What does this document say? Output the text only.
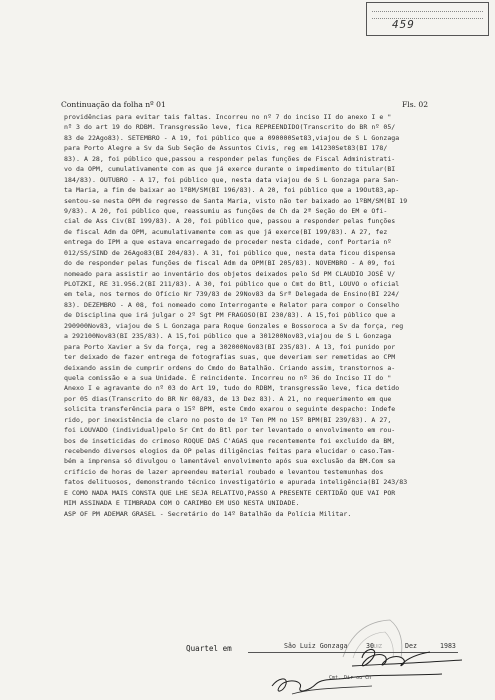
459
Continuação da folha nº 01	Fls. 02
providências para evitar tais faltas. Incorreu no nº 7 do inciso II do anexo I e "
nº 3 do art 19 do RDBM. Transgressão leve, fica REPREENDIDO(Transcrito do BR nº 05/
83 de 22Ago83). SETEMBRO - A 19, foi público que a 090000Set83,viajou de S L Gonzaga
para Porto Alegre a Sv da Sub Seção de Assuntos Civis, reg em 141230Set83(BI 178/
83). A 28, foi público que,passou a responder pelas funções de Fiscal Administrati-
vo da OPM, cumulativamente com as que já exerce durante o impedimento do titular(BI
184/83). OUTUBRO - A 17, foi público que, nesta data viajou de S L Gonzaga para San-
ta Maria, a fim de baixar ao 1ºBM/SM(BI 196/83). A 20, foi público que a 19Out83,ap-
sentou-se nesta OPM de regresso de Santa Maria, visto não ter baixado ao 1ºBM/SM(BI 19
9/83). A 20, foi público que, reassumiu as funções de Ch da 2ª Seção do EM e Ofi-
cial de Ass Civ(BI 199/83). A 20, foi público que, passou a responder pelas funções
de fiscal Adm da OPM, acumulativamente com as que já exerce(BI 199/83). A 27, fez
entrega do IPM a que estava encarregado de proceder nesta cidade, conf Portaria nº
012/SS/SIND de 26Ago83(BI 204/83). A 31, foi público que, nesta data ficou dispensa
do de responder pelas funções de fiscal Adm da OPM(BI 205/83). NOVEMBRO - A 09, foi
nomeado para assistir ao inventário dos objetos deixados pelo Sd PM CLAUDIO JOSÉ V/
PLOTZKI, RE 31.956.2(BI 211/83). A 30, foi público que o Cmt do Btl, LOUVO o oficial
em tela, nos termos do Ofício Nr 739/83 de 29Nov83 da Srª Delegada de Ensino(BI 224/
83). DEZEMBRO - A 08, foi nomeado como Interrogante e Relator para compor o Conselho
de Disciplina que irá julgar o 2º Sgt PM FRAGOSO(BI 230/83). A 15,foi público que a
290900Nov83, viajou de S L Gonzaga para Roque Gonzales e Bossoroca a Sv da força, reg
a 292100Nov83(BI 235/83). A 15,foi público que a 301200Nov83,viajou de S L Gonzaga
para Porto Xavier a Sv da força, reg a 302000Nov83(BI 235/83). A 13, foi punido por
ter deixado de fazer entrega de fotografias suas, que deveriam ser remetidas ao CPM
deixando assim de cumprir ordens do Cmdo do Batalhão. Criando assim, transtornos a-
quela comissão e a sua Unidade. É reincidente. Incorreu no nº 36 do Inciso II do "
Anexo I e agravante do nº 03 do Art 19, tudo do RDBM, transgressão leve, fica detido
por 05 dias(Transcrito do BR Nr 08/83, de 13 Dez 83). A 21, no requerimento em que
solicita transferência para o 15º BPM, este Cmdo exarou o seguinte despacho: Indefe
rido, por inexistência de claro no posto de 1º Ten PM no 15º BPM(BI 239/83). A 27,
foi LOUVADO (individual)pelo Sr Cmt do Btl por ter levantado o envolvimento em rou-
bos de inseticidas do crimoso ROQUE DAS C'AGAS que recentemente foi excluído da BM,
recebendo diversos elogios da OP pelas diligências feitas para elucidar o caso.Tam-
bém a imprensa só divulgou o lamentável envolvimento após sua exclusão da BM.Com sa
crifício de horas de lazer apreendeu material roubado e levantou testemunhas dos
fatos delituosos, demonstrando técnico investigatório e apurada inteligência(BI 243/83
E COMO NADA MAIS CONSTA QUE LHE SEJA RELATIVO,PASSO A PRESENTE CERTIDÃO QUE VAI POR
MIM ASSINADA E TIMBRADA COM O CARIMBO EM USO NESTA UNIDADE.
ASP OF PM ADEMAR GRASEL - Secretário do 14º Batalhão da Polícia Militar.
LUIZ
Quartel em	São Luiz Gonzaga	30	Dez	1983
Cmt, Dir ou Ch
